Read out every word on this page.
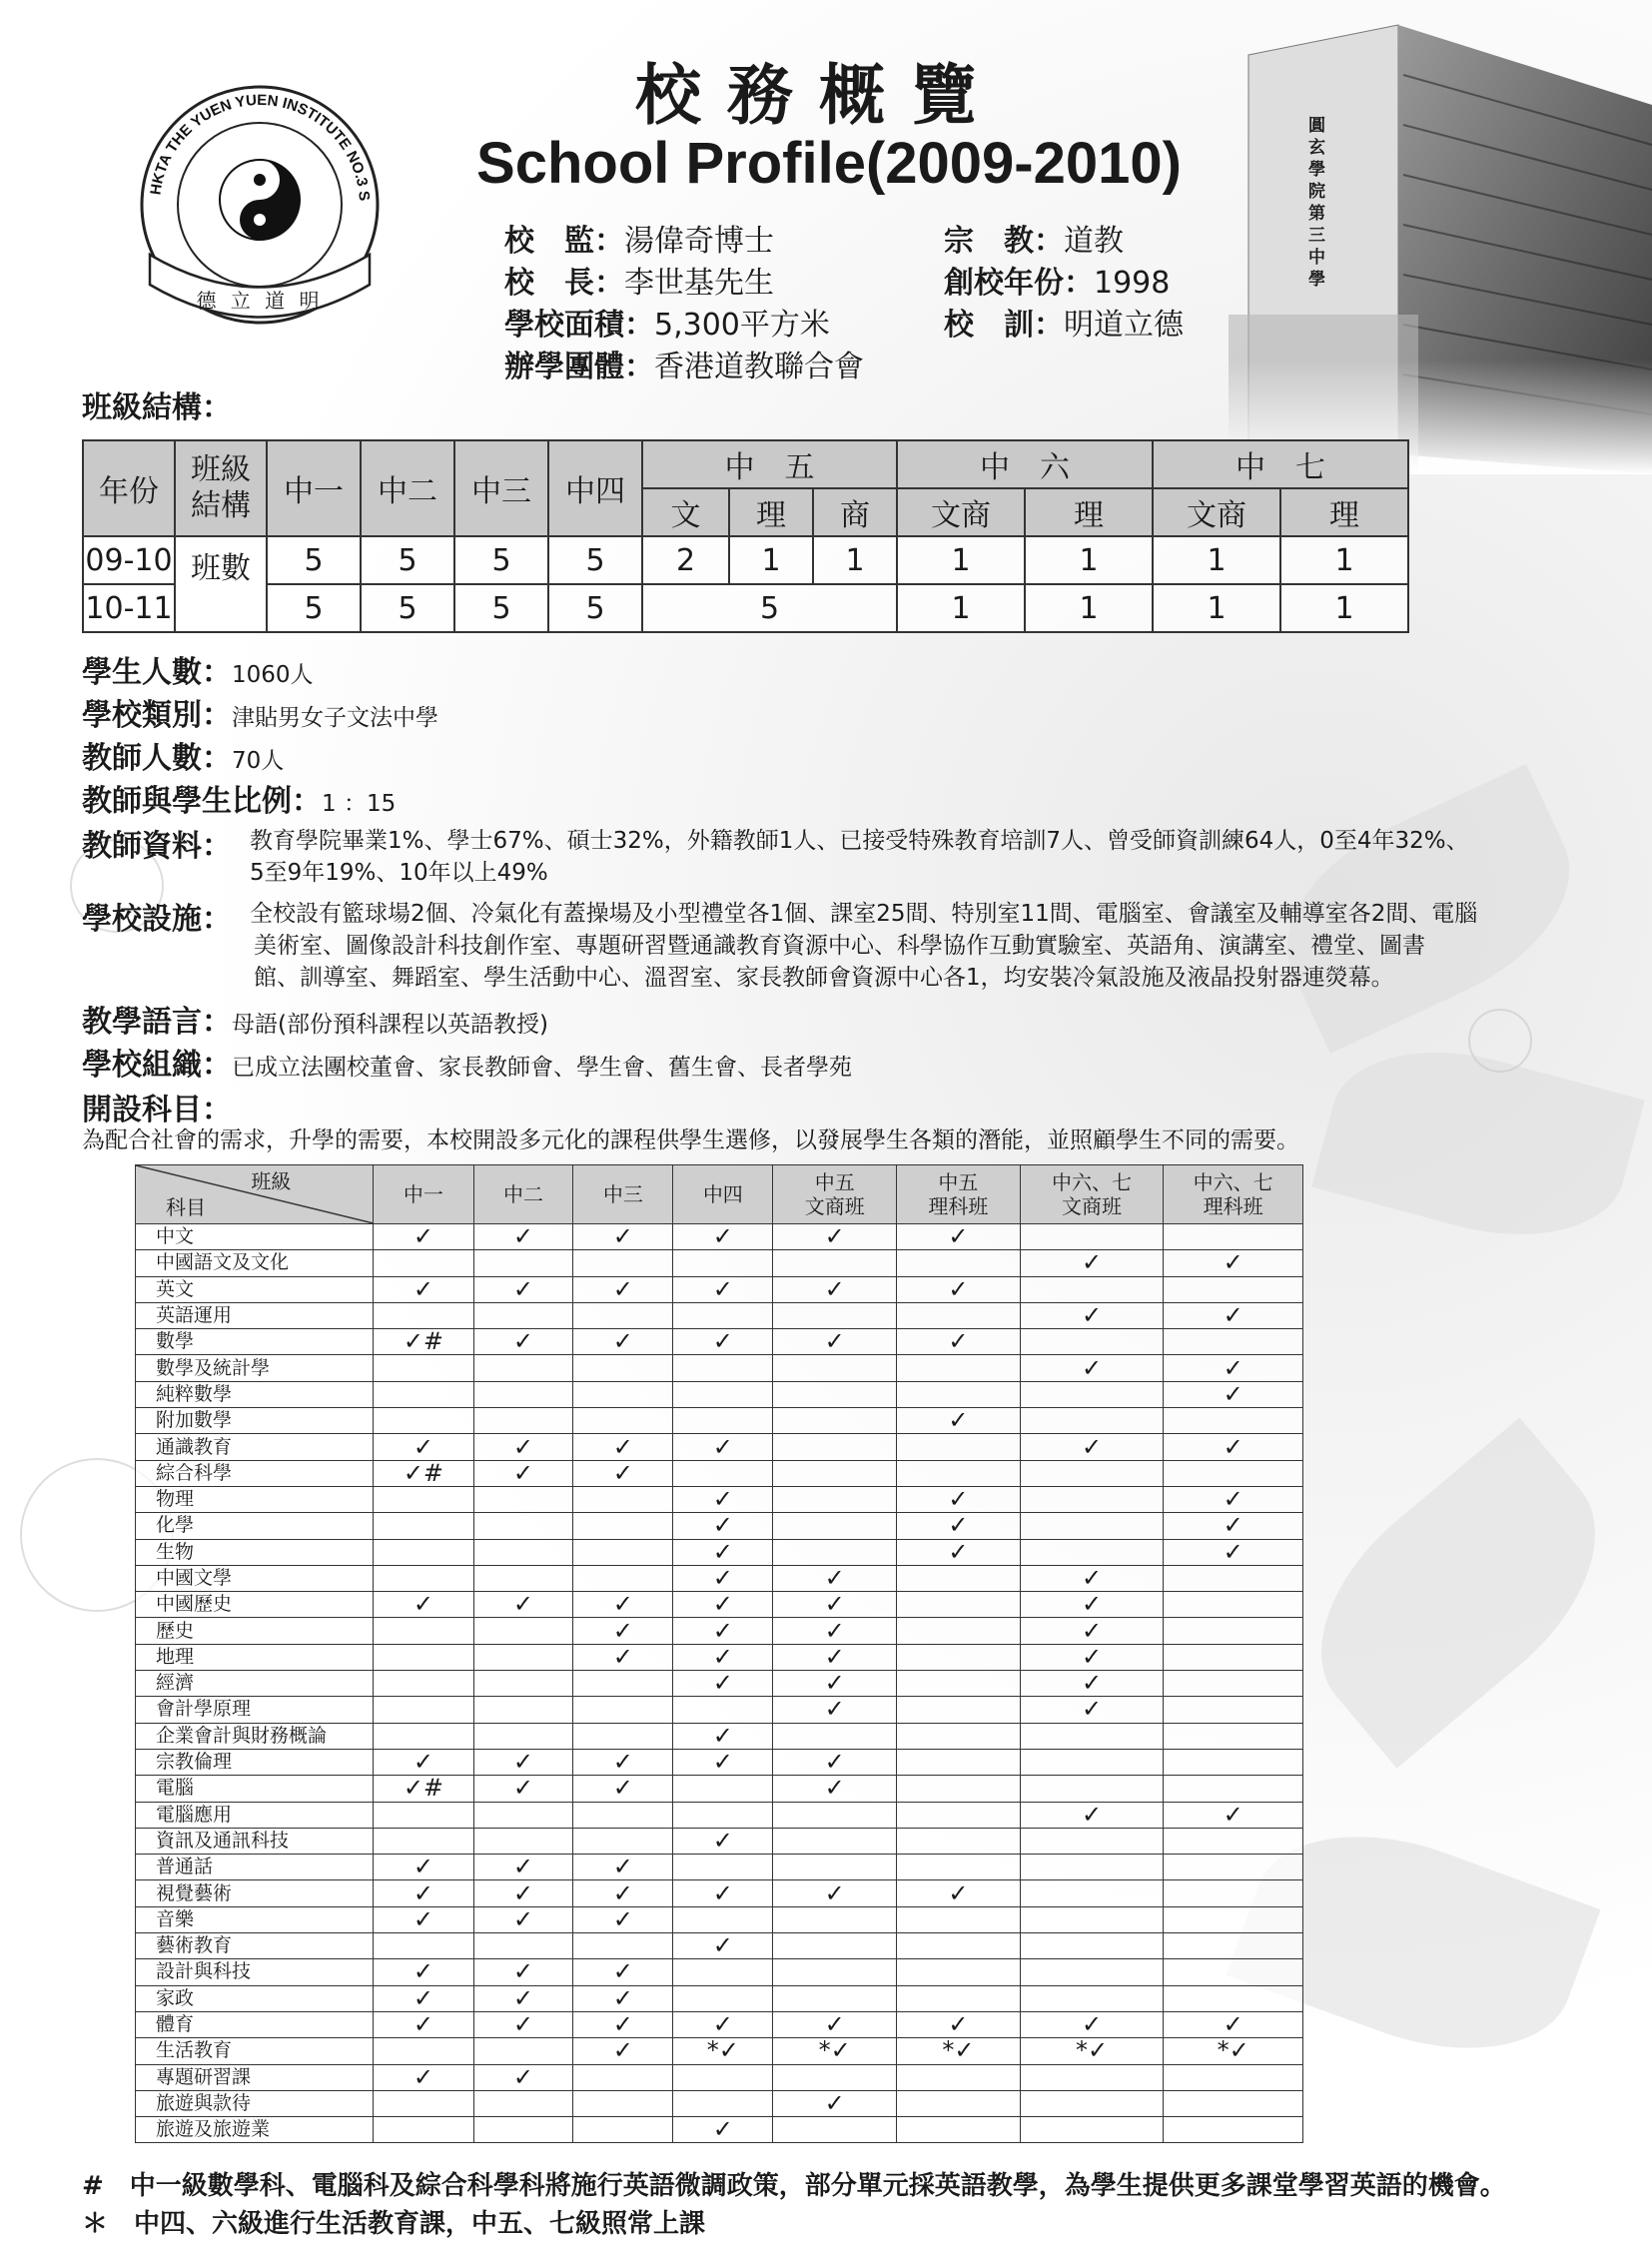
HKTA THE YUEN YUEN INSTITUTE NO.3 S
德 立 道 明
校務概覽
School Profile(2009-2010)
圓玄學院第三中學
校　監：湯偉奇博士	宗　教：道教
校　長：李世基先生	創校年份：1998
學校面積：5,300平方米	校　訓：明道立德
辦學團體：香港道教聯合會
班級結構：
年份	班級結構	中一	中二	中三	中四	中　五			中　六		中　七	
						文	理	商	文商	理	文商	理
09-10	班數	5	5	5	5	2	1	1	1	1	1	1
10-11		5	5	5	5	5			1	1	1	1
學生人數：1060人
學校類別：津貼男女子文法中學
教師人數：70人
教師與學生比例：1 ：15
教師資料： 教育學院畢業1%、學士67%、碩士32%，外籍教師1人、已接受特殊教育培訓7人、曾受師資訓練64人，0至4年32%、
5至9年19%、10年以上49%
學校設施： 全校設有籃球場2個、冷氣化有蓋操場及小型禮堂各1個、課室25間、特別室11間、電腦室、會議室及輔導室各2間、電腦
美術室、圖像設計科技創作室、專題研習暨通識教育資源中心、科學協作互動實驗室、英語角、演講室、禮堂、圖書
館、訓導室、舞蹈室、學生活動中心、溫習室、家長教師會資源中心各1，均安裝冷氣設施及液晶投射器連熒幕。
教學語言：母語(部份預科課程以英語教授)
學校組織：已成立法團校董會、家長教師會、學生會、舊生會、長者學苑
開設科目：
為配合社會的需求，升學的需要，本校開設多元化的課程供學生選修，以發展學生各類的潛能，並照顧學生不同的需要。
班級
科目	中一	中二	中三	中四	中五
文商班	中五
理科班	中六、七
文商班	中六、七
理科班
中文	✓	✓	✓	✓	✓	✓		
中國語文及文化							✓	✓
英文	✓	✓	✓	✓	✓	✓		
英語運用							✓	✓
數學	✓#	✓	✓	✓	✓	✓		
數學及統計學							✓	✓
純粹數學								✓
附加數學						✓		
通識教育	✓	✓	✓	✓			✓	✓
綜合科學	✓#	✓	✓					
物理				✓		✓		✓
化學				✓		✓		✓
生物				✓		✓		✓
中國文學				✓	✓		✓	
中國歷史	✓	✓	✓	✓	✓		✓	
歷史			✓	✓	✓		✓	
地理			✓	✓	✓		✓	
經濟				✓	✓		✓	
會計學原理					✓		✓	
企業會計與財務概論				✓				
宗教倫理	✓	✓	✓	✓	✓			
電腦	✓#	✓	✓		✓			
電腦應用							✓	✓
資訊及通訊科技				✓				
普通話	✓	✓	✓					
視覺藝術	✓	✓	✓	✓	✓	✓		
音樂	✓	✓	✓					
藝術教育				✓				
設計與科技	✓	✓	✓					
家政	✓	✓	✓					
體育	✓	✓	✓	✓	✓	✓	✓	✓
生活教育			✓	*✓	*✓	*✓	*✓	*✓
專題研習課	✓	✓						
旅遊與款待					✓			
旅遊及旅遊業				✓				
#　中一級數學科、電腦科及綜合科學科將施行英語微調政策，部分單元採英語教學，為學生提供更多課堂學習英語的機會。
＊　中四、六級進行生活教育課，中五、七級照常上課
